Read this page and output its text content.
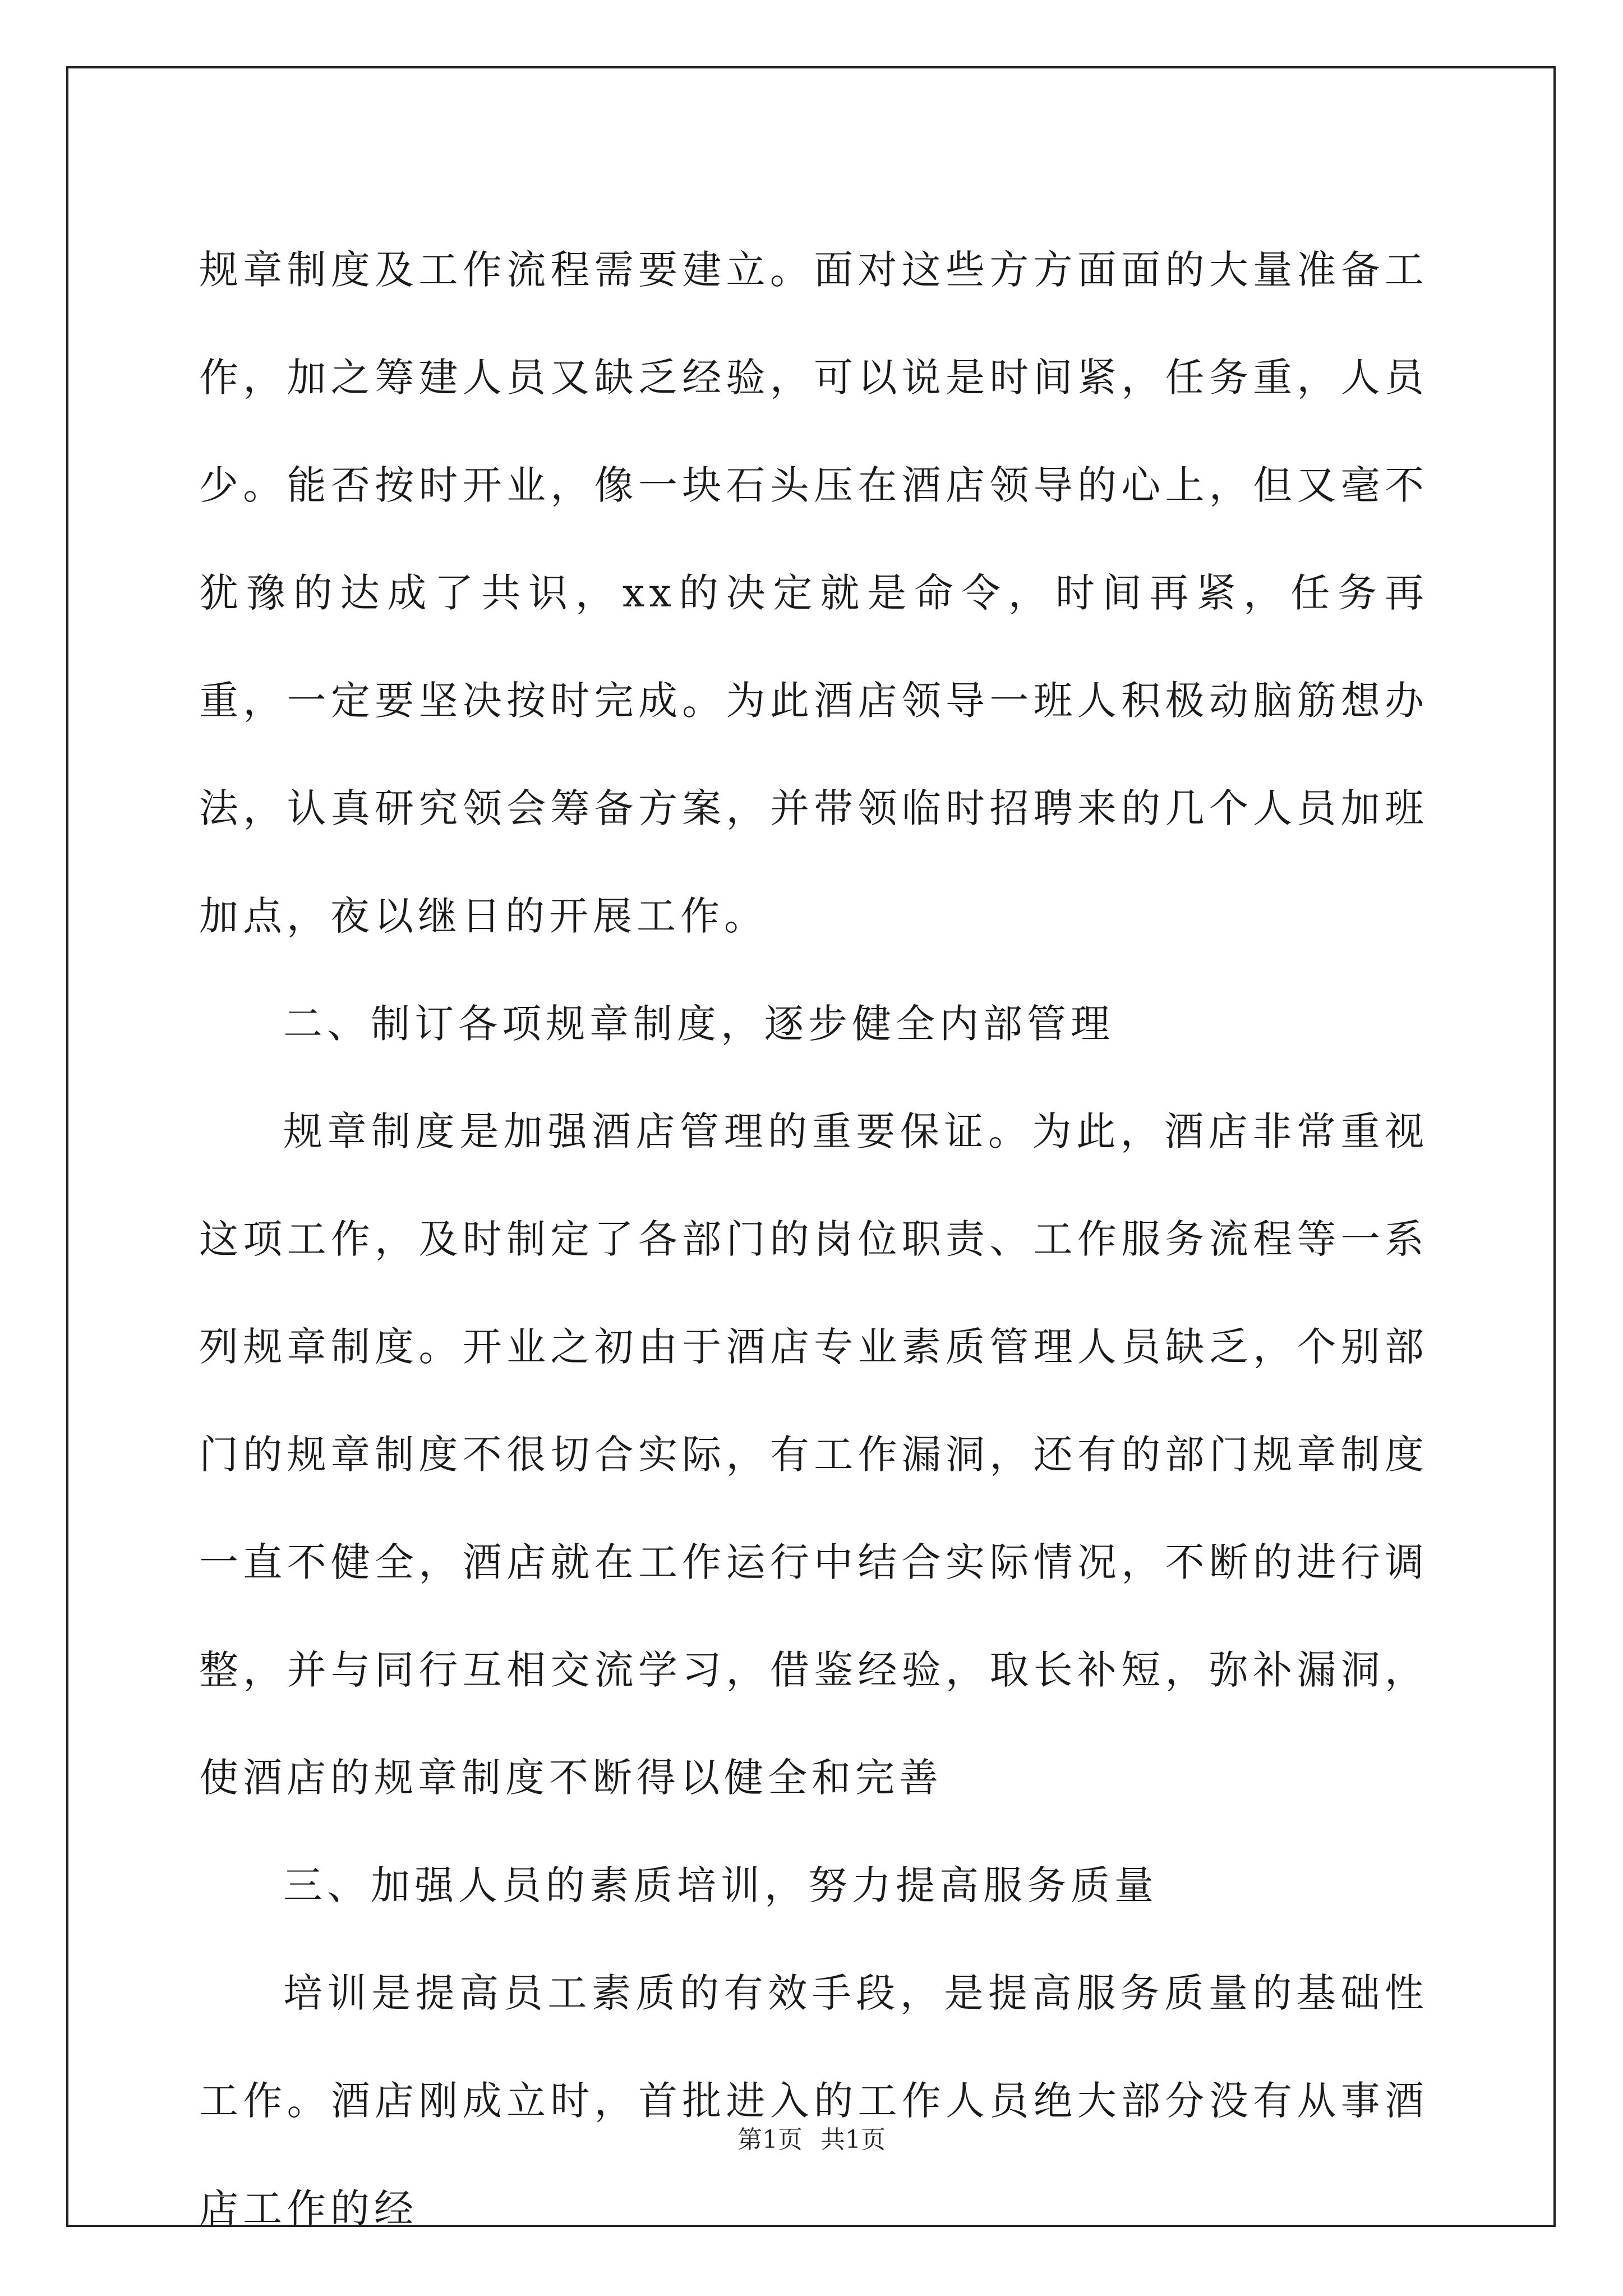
规章制度及工作流程需要建立。面对这些方方面面的大量准备工作，加之筹建人员又缺乏经验，可以说是时间紧，任务重，人员少。能否按时开业，像一块石头压在酒店领导的心上，但又毫不犹豫的达成了共识，xx的决定就是命令，时间再紧，任务再重，一定要坚决按时完成。为此酒店领导一班人积极动脑筋想办法，认真研究领会筹备方案，并带领临时招聘来的几个人员加班加点，夜以继日的开展工作。

二、制订各项规章制度，逐步健全内部管理

规章制度是加强酒店管理的重要保证。为此，酒店非常重视这项工作，及时制定了各部门的岗位职责、工作服务流程等一系列规章制度。开业之初由于酒店专业素质管理人员缺乏，个别部门的规章制度不很切合实际，有工作漏洞，还有的部门规章制度一直不健全，酒店就在工作运行中结合实际情况，不断的进行调整，并与同行互相交流学习，借鉴经验，取长补短，弥补漏洞，使酒店的规章制度不断得以健全和完善

三、加强人员的素质培训，努力提高服务质量

培训是提高员工素质的有效手段，是提高服务质量的基础性工作。酒店刚成立时，首批进入的工作人员绝大部分没有从事酒店工作的经

第1页 共1页
